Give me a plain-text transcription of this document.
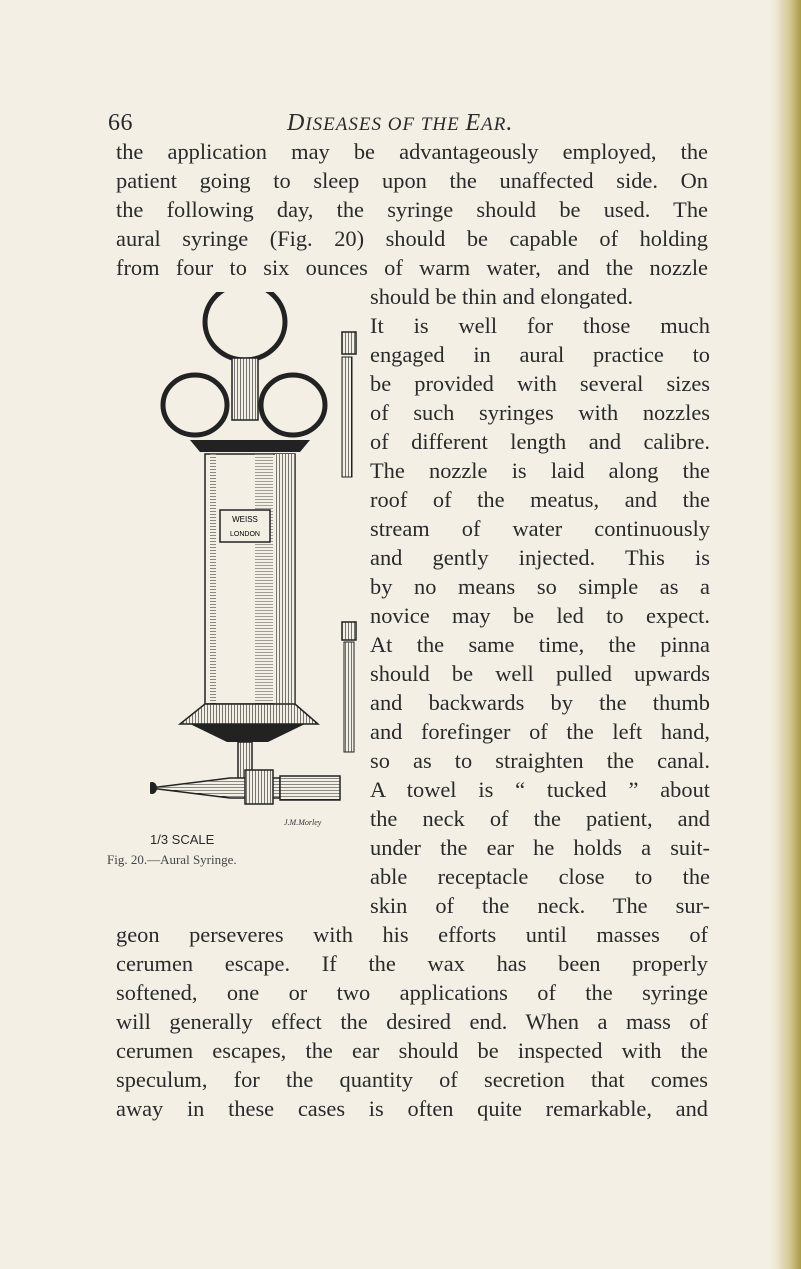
66	DISEASES OF THE EAR.
the application may be advantageously employed, the
patient going to sleep upon the unaffected side. On
the following day, the syringe should be used. The
aural syringe (Fig. 20) should be capable of holding
from four to six ounces of warm water, and the nozzle
should be thin and elongated.
It is well for those much
engaged in aural practice to
be provided with several sizes
of such syringes with nozzles
of different length and calibre.
The nozzle is laid along the
roof of the meatus, and the
stream of water continuously
and gently injected. This is
by no means so simple as a
novice may be led to expect.
At the same time, the pinna
should be well pulled upwards
and backwards by the thumb
and forefinger of the left hand,
so as to straighten the canal.
A towel is “ tucked ” about
the neck of the patient, and
under the ear he holds a suit-
able receptacle close to the
skin of the neck. The sur-
geon perseveres with his efforts until masses of
cerumen escape. If the wax has been properly
softened, one or two applications of the syringe
will generally effect the desired end. When a mass of
cerumen escapes, the ear should be inspected with the
speculum, for the quantity of secretion that comes
away in these cases is often quite remarkable, and
WEISS
LONDON
J.M.Morley
1/3 SCALE
Fig. 20.—Aural Syringe.
